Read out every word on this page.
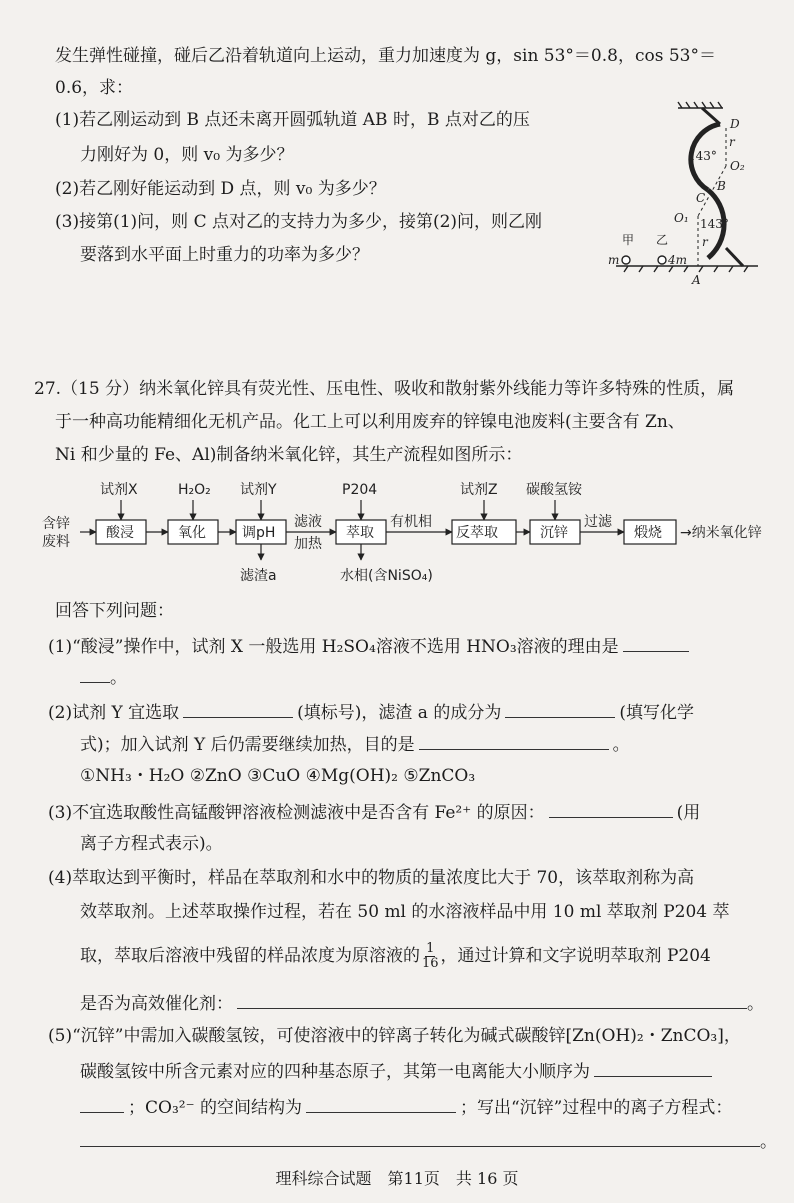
发生弹性碰撞，碰后乙沿着轨道向上运动，重力加速度为 g，sin 53°＝0.8，cos 53°＝
0.6，求：
(1)若乙刚运动到 B 点还未离开圆弧轨道 AB 时，B 点对乙的压
力刚好为 0，则 v₀ 为多少？
(2)若乙刚好能运动到 D 点，则 v₀ 为多少？
(3)接第(1)问，则 C 点对乙的支持力为多少，接第(2)问，则乙刚
要落到水平面上时重力的功率为多少？
D
r
143°
O₂
C
B
O₁ 143°
r
甲 乙
m	4m
A
27.（15 分）纳米氧化锌具有荧光性、压电性、吸收和散射紫外线能力等许多特殊的性质，属
于一种高功能精细化无机产品。化工上可以利用废弃的锌镍电池废料(主要含有 Zn、
Ni 和少量的 Fe、Al)制备纳米氧化锌，其生产流程如图所示：
含锌
废料
试剂X	H₂O₂ 试剂Y	P204	试剂Z 碳酸氢铵
酸浸	氧化	调pH
滤液
加热
萃取
有机相
反萃取	沉锌
过滤
煅烧 →纳米氧化锌
滤渣a	水相(含NiSO₄)
回答下列问题：
(1)“酸浸”操作中，试剂 X 一般选用 H₂SO₄溶液不选用 HNO₃溶液的理由是
。
(2)试剂 Y 宜选取	(填标号)，滤渣 a 的成分为	(填写化学
式)；加入试剂 Y 后仍需要继续加热，目的是	。
①NH₃・H₂O ②ZnO ③CuO ④Mg(OH)₂ ⑤ZnCO₃
(3)不宜选取酸性高锰酸钾溶液检测滤液中是否含有 Fe²⁺ 的原因：	(用
离子方程式表示)。
(4)萃取达到平衡时，样品在萃取剂和水中的物质的量浓度比大于 70，该萃取剂称为高
效萃取剂。上述萃取操作过程，若在 50 ml 的水溶液样品中用 10 ml 萃取剂 P204 萃
取，萃取后溶液中残留的样品浓度为原溶液的 $\frac{1}{16}$ ，通过计算和文字说明萃取剂 P204
是否为高效催化剂：	。
(5)“沉锌”中需加入碳酸氢铵，可使溶液中的锌离子转化为碱式碳酸锌[Zn(OH)₂・ZnCO₃]，
碳酸氢铵中所含元素对应的四种基态原子，其第一电离能大小顺序为
；CO₃²⁻ 的空间结构为	；写出“沉锌”过程中的离子方程式：
。
理科综合试题 第11页 共 16 页
